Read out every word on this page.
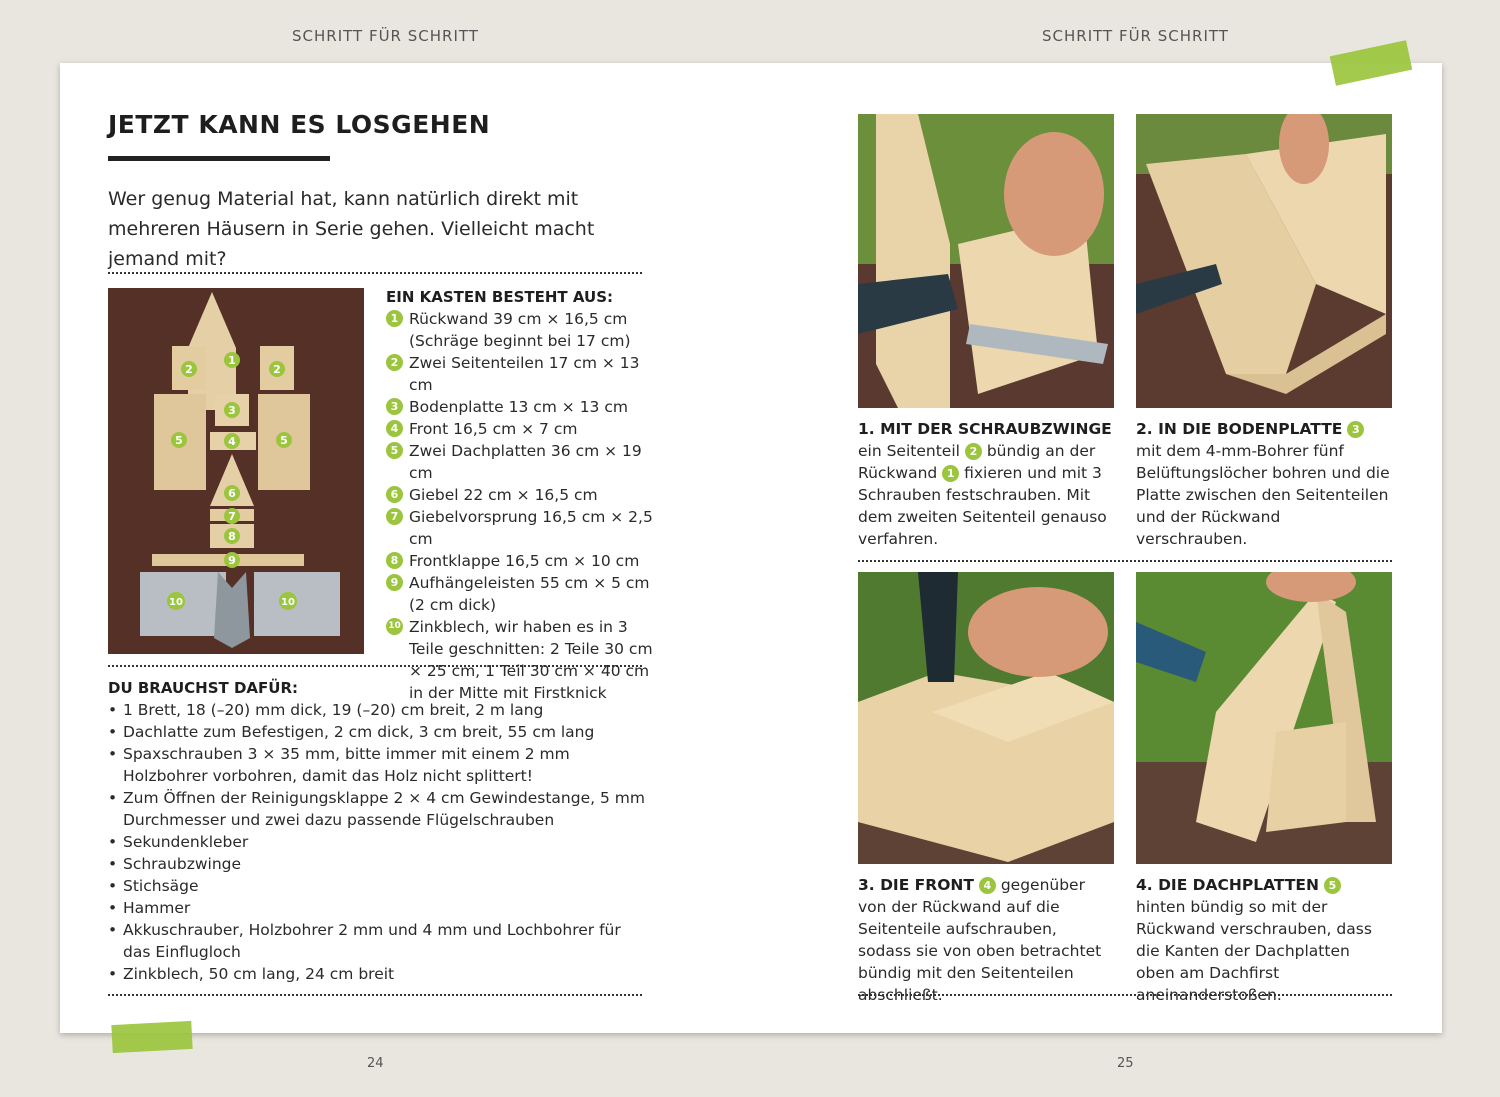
SCHRITT FÜR SCHRITT	SCHRITT FÜR SCHRITT
24	25
JETZT KANN ES LOSGEHEN
Wer genug Material hat, kann natürlich direkt mit mehreren Häusern in Serie gehen. Vielleicht macht jemand mit?
1
2	2
3
4
5	5
6
7
8
9
10	10
EIN KASTEN BESTEHT AUS:
1 Rückwand 39 cm × 16,5 cm (Schräge beginnt bei 17 cm)
2 Zwei Seitenteilen 17 cm × 13 cm
3 Bodenplatte 13 cm × 13 cm
4 Front 16,5 cm × 7 cm
5 Zwei Dachplatten 36 cm × 19 cm
6 Giebel 22 cm × 16,5 cm
7 Giebelvorsprung 16,5 cm × 2,5 cm
8 Frontklappe 16,5 cm × 10 cm
9 Aufhängeleisten 55 cm × 5 cm (2 cm dick)
10 Zinkblech, wir haben es in 3 Teile geschnitten: 2 Teile 30 cm × 25 cm, 1 Teil 30 cm × 40 cm in der Mitte mit Firstknick
DU BRAUCHST DAFÜR:
• 1 Brett, 18 (–20) mm dick, 19 (–20) cm breit, 2 m lang
• Dachlatte zum Befestigen, 2 cm dick, 3 cm breit, 55 cm lang
• Spaxschrauben 3 × 35 mm, bitte immer mit einem 2 mm Holzbohrer vorbohren, damit das Holz nicht splittert!
• Zum Öffnen der Reinigungsklappe 2 × 4 cm Gewindestange, 5 mm Durchmesser und zwei dazu passende Flügelschrauben
• Sekundenkleber
• Schraubzwinge
• Stichsäge
• Hammer
• Akkuschrauber, Holzbohrer 2 mm und 4 mm und Lochbohrer für das Einflugloch
• Zinkblech, 50 cm lang, 24 cm breit
1. MIT DER SCHRAUBZWINGE
ein Seitenteil 2 bündig an der Rückwand 1 fixieren und mit 3 Schrauben festschrauben. Mit dem zweiten Seitenteil genauso verfahren.
2. IN DIE BODENPLATTE 3 mit dem 4-mm-Bohrer fünf Belüftungslöcher bohren und die Platte zwischen den Seitenteilen und der Rückwand verschrauben.
3. DIE FRONT 4 gegenüber von der Rückwand auf die Seitenteile aufschrauben, sodass sie von oben betrachtet bündig mit den Seitenteilen abschließt.
4. DIE DACHPLATTEN 5 hinten bündig so mit der Rückwand verschrauben, dass die Kanten der Dachplatten oben am Dachfirst aneinanderstoßen.
